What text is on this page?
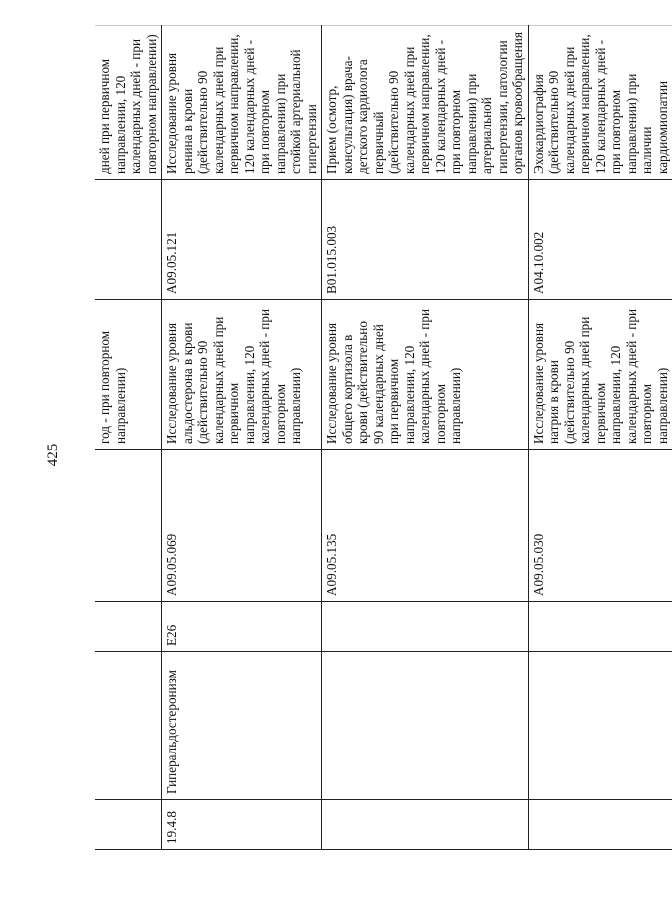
425
				год - при повторном направлении)		дней при первичном направлении, 120 календарных дней - при повторном направлении)
19.4.8	Гиперальдостеронизм	E26	A09.05.069	Исследование уровня альдостерона в крови (действительно 90 календарных дней при первичном направлении, 120 календарных дней - при повторном направлении)	A09.05.121	Исследование уровня ренина в крови (действительно 90 календарных дней при первичном направлении, 120 календарных дней - при повторном направлении) при стойкой артериальной гипертензии
			A09.05.135	Исследование уровня общего кортизола в крови (действительно 90 календарных дней при первичном направлении, 120 календарных дней - при повторном направлении)	B01.015.003	Прием (осмотр, консультация) врача-детского кардиолога первичный (действительно 90 календарных дней при первичном направлении, 120 календарных дней - при повторном направлении) при артериальной гипертензии, патологии органов кровообращения
			A09.05.030	Исследование уровня натрия в крови (действительно 90 календарных дней при первичном направлении, 120 календарных дней - при повторном направлении)	A04.10.002	Эхокардиография (действительно 90 календарных дней при первичном направлении, 120 календарных дней - при повторном направлении) при наличии кардиомиопатии
